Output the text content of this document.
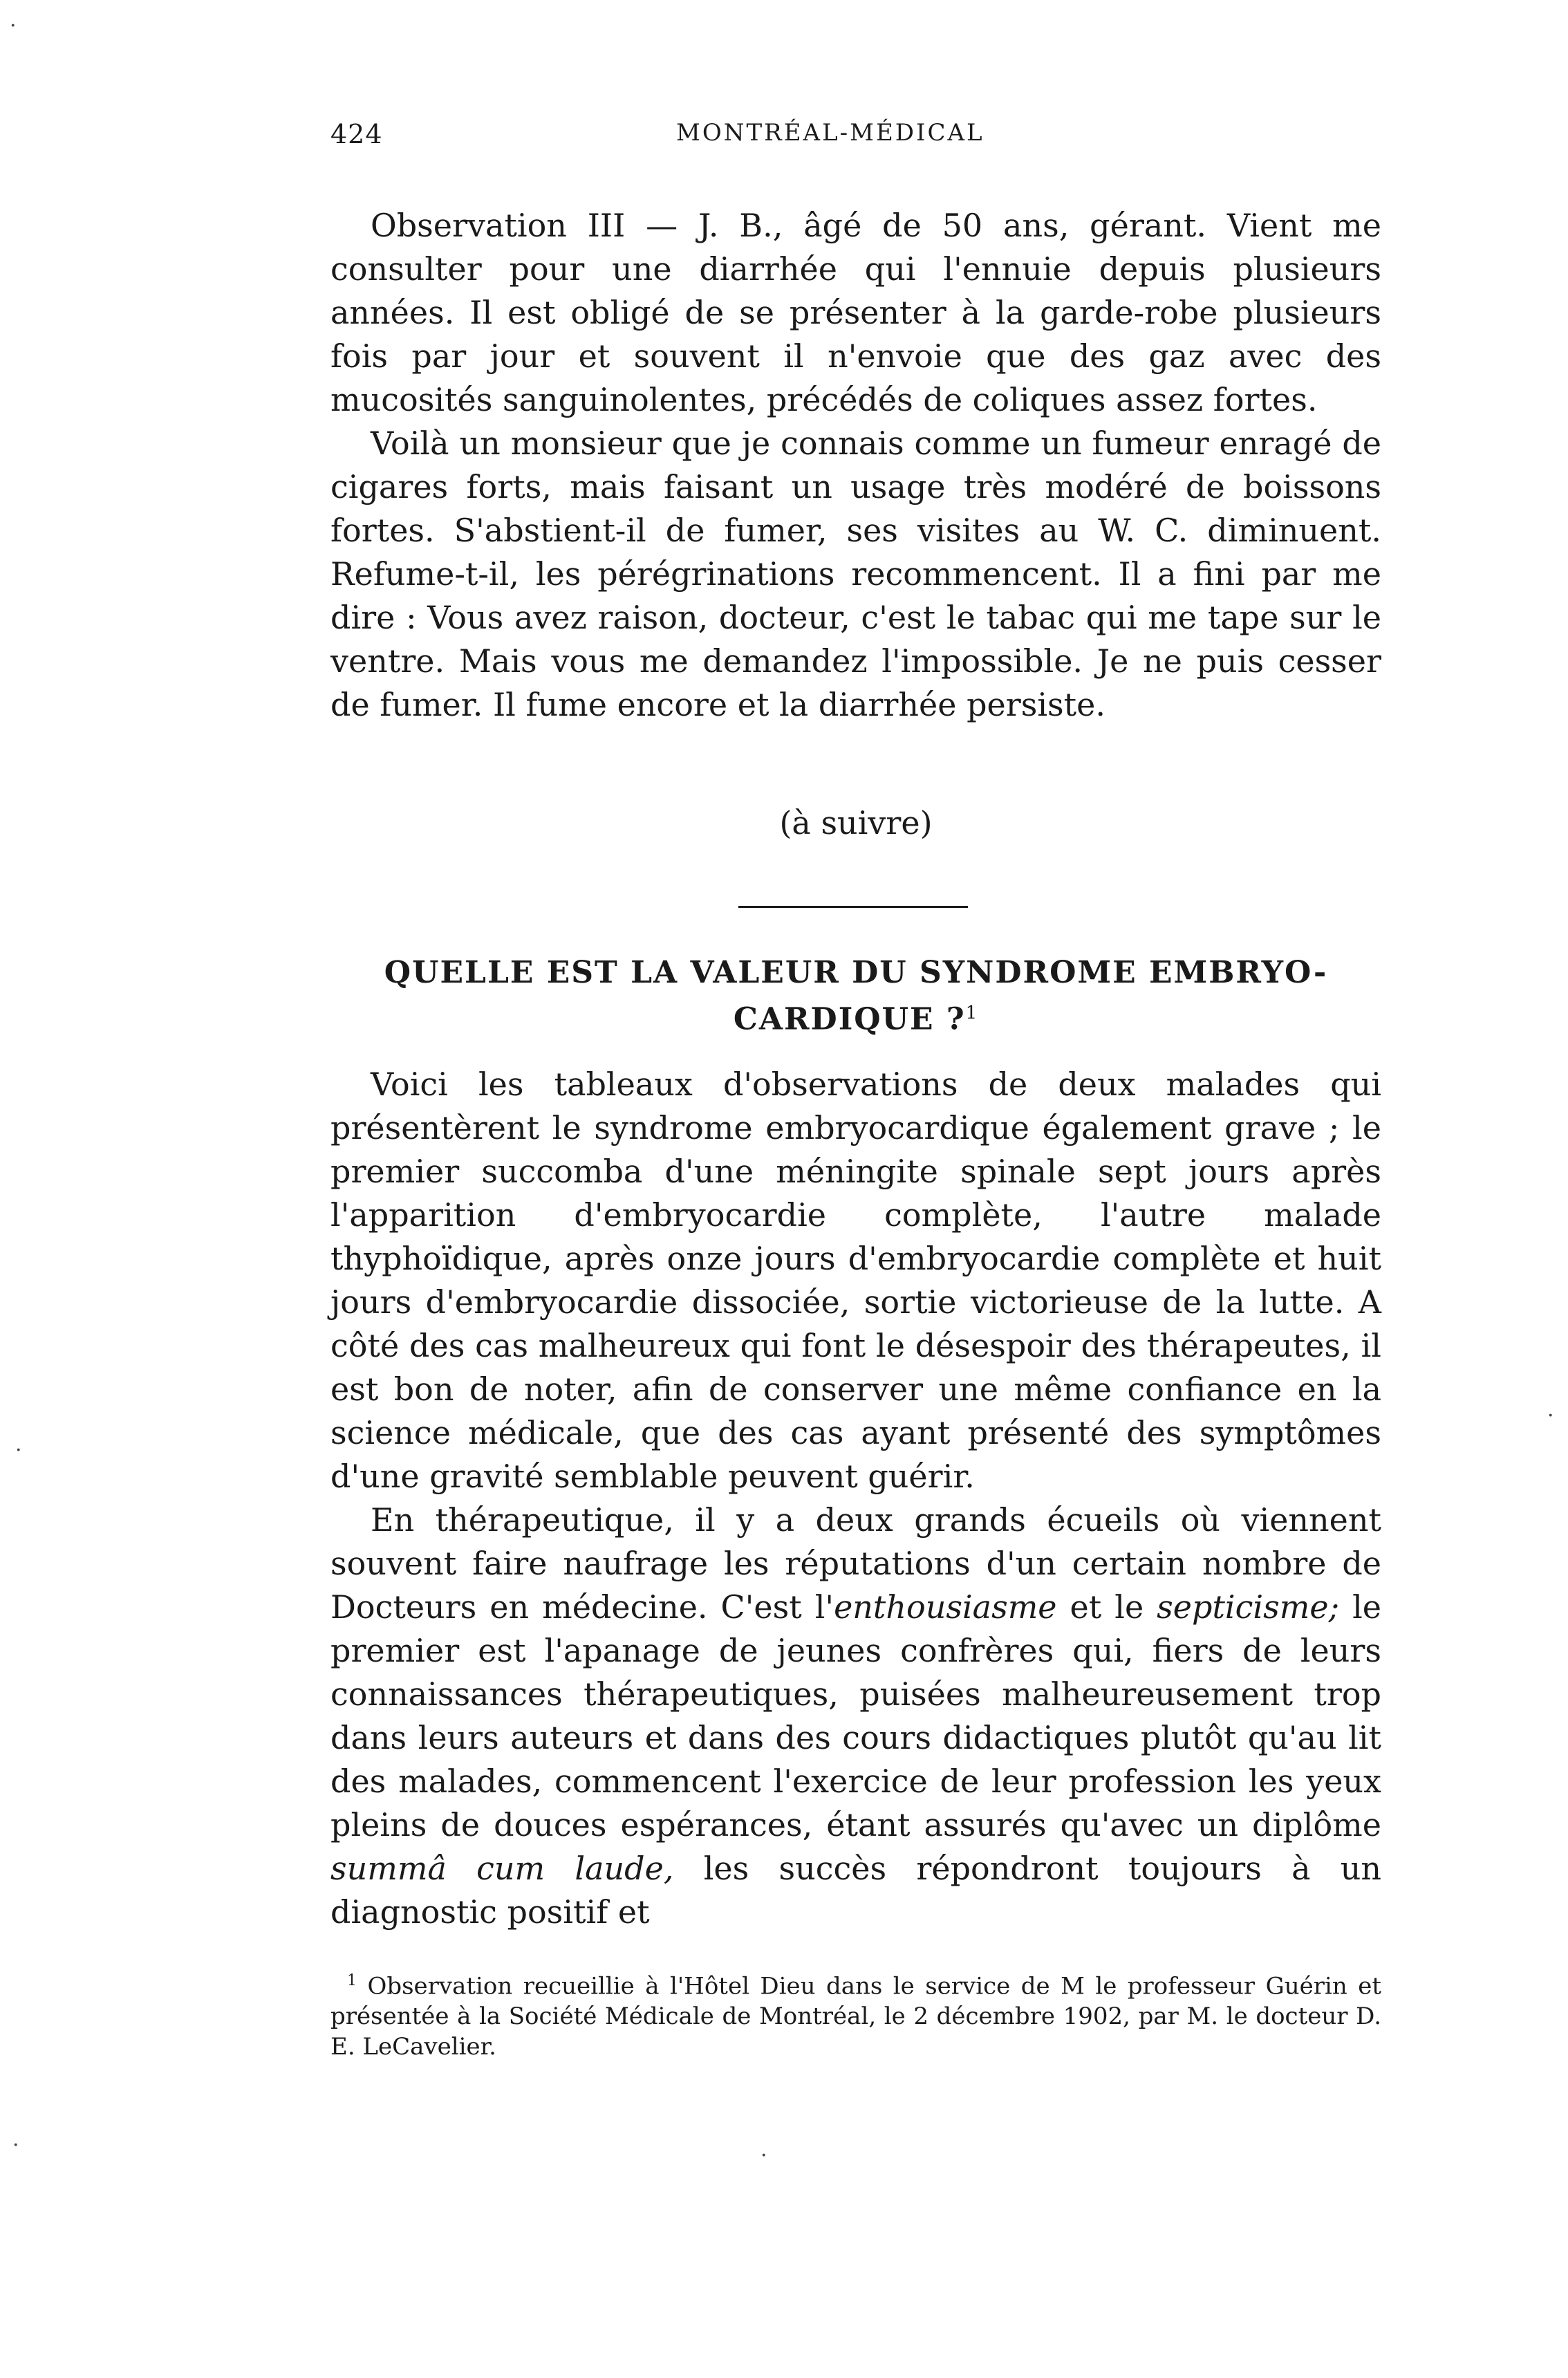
424	MONTRÉAL-MÉDICAL

Observation III — J. B., âgé de 50 ans, gérant. Vient me consulter pour une diarrhée qui l'ennuie depuis plusieurs années. Il est obligé de se présenter à la garde-robe plusieurs fois par jour et souvent il n'envoie que des gaz avec des mucosités sanguinolentes, précédés de coliques assez fortes.

Voilà un monsieur que je connais comme un fumeur enragé de cigares forts, mais faisant un usage très modéré de boissons fortes. S'abstient-il de fumer, ses visites au W. C. diminuent. Refume-t-il, les pérégrinations recommencent. Il a fini par me dire : Vous avez raison, docteur, c'est le tabac qui me tape sur le ventre. Mais vous me demandez l'impossible. Je ne puis cesser de fumer. Il fume encore et la diarrhée persiste.

(à suivre)
QUELLE EST LA VALEUR DU SYNDROME EMBRYO-
CARDIQUE ?$^1$

Voici les tableaux d'observations de deux malades qui présentèrent le syndrome embryocardique également grave ; le premier succomba d'une méningite spinale sept jours après l'apparition d'embryocardie complète, l'autre malade thyphoïdique, après onze jours d'embryocardie complète et huit jours d'embryocardie dissociée, sortie victorieuse de la lutte. A côté des cas malheureux qui font le désespoir des thérapeutes, il est bon de noter, afin de conserver une même confiance en la science médicale, que des cas ayant présenté des symptômes d'une gravité semblable peuvent guérir.

En thérapeutique, il y a deux grands écueils où viennent souvent faire naufrage les réputations d'un certain nombre de Docteurs en médecine. C'est l'enthousiasme et le septicisme; le premier est l'apanage de jeunes confrères qui, fiers de leurs connaissances thérapeutiques, puisées malheureusement trop dans leurs auteurs et dans des cours didactiques plutôt qu'au lit des malades, commencent l'exercice de leur profession les yeux pleins de douces espérances, étant assurés qu'avec un diplôme summâ cum laude, les succès répondront toujours à un diagnostic positif et

$^1$ Observation recueillie à l'Hôtel Dieu dans le service de M le professeur Guérin et présentée à la Société Médicale de Montréal, le 2 décembre 1902, par M. le docteur D. E. LeCavelier.
·
·
·
·
·
